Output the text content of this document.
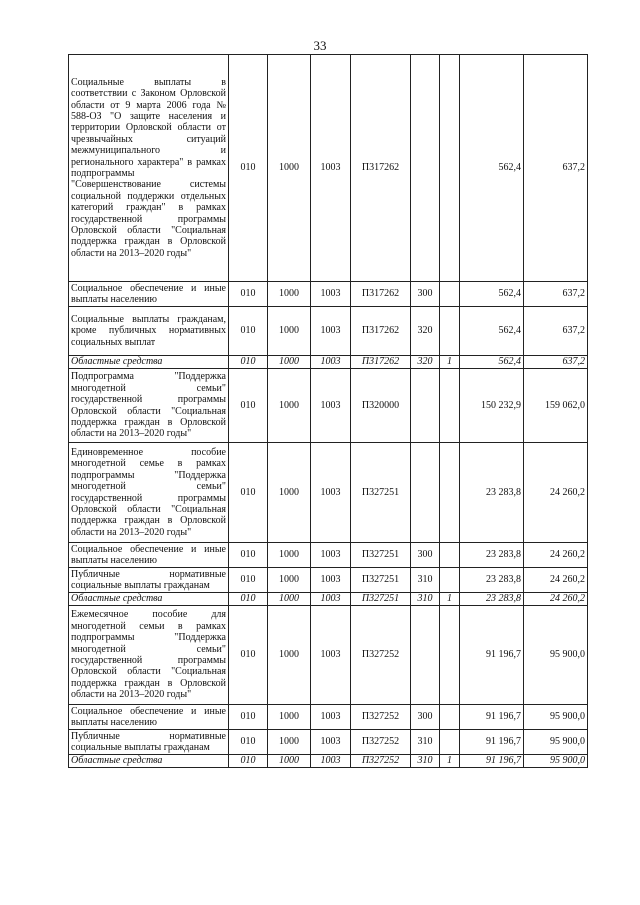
33
Социальные выплаты в соответствии с Законом Орловской области от 9 марта 2006 года № 588-ОЗ "О защите населения и территории Орловской области от чрезвычайных ситуаций межмуниципального и регионального характера" в рамках подпрограммы "Совершенствование системы социальной поддержки отдельных категорий граждан" в рамках государственной программы Орловской области "Социальная поддержка граждан в Орловской области на 2013–2020 годы"	010	1000	1003	П317262			562,4	637,2
Социальное обеспечение и иные выплаты населению	010	1000	1003	П317262	300		562,4	637,2
Социальные выплаты гражданам, кроме публичных нормативных социальных выплат	010	1000	1003	П317262	320		562,4	637,2
Областные средства	010	1000	1003	П317262	320	1	562,4	637,2
Подпрограмма "Поддержка многодетной семьи" государственной программы Орловской области "Социальная поддержка граждан в Орловской области на 2013–2020 годы"	010	1000	1003	П320000			150 232,9	159 062,0
Единовременное пособие многодетной семье в рамках подпрограммы "Поддержка многодетной семьи" государственной программы Орловской области "Социальная поддержка граждан в Орловской области на 2013–2020 годы"	010	1000	1003	П327251			23 283,8	24 260,2
Социальное обеспечение и иные выплаты населению	010	1000	1003	П327251	300		23 283,8	24 260,2
Публичные нормативные социальные выплаты гражданам	010	1000	1003	П327251	310		23 283,8	24 260,2
Областные средства	010	1000	1003	П327251	310	1	23 283,8	24 260,2
Ежемесячное пособие для многодетной семьи в рамках подпрограммы "Поддержка многодетной семьи" государственной программы Орловской области "Социальная поддержка граждан в Орловской области на 2013–2020 годы"	010	1000	1003	П327252			91 196,7	95 900,0
Социальное обеспечение и иные выплаты населению	010	1000	1003	П327252	300		91 196,7	95 900,0
Публичные нормативные социальные выплаты гражданам	010	1000	1003	П327252	310		91 196,7	95 900,0
Областные средства	010	1000	1003	П327252	310	1	91 196,7	95 900,0
